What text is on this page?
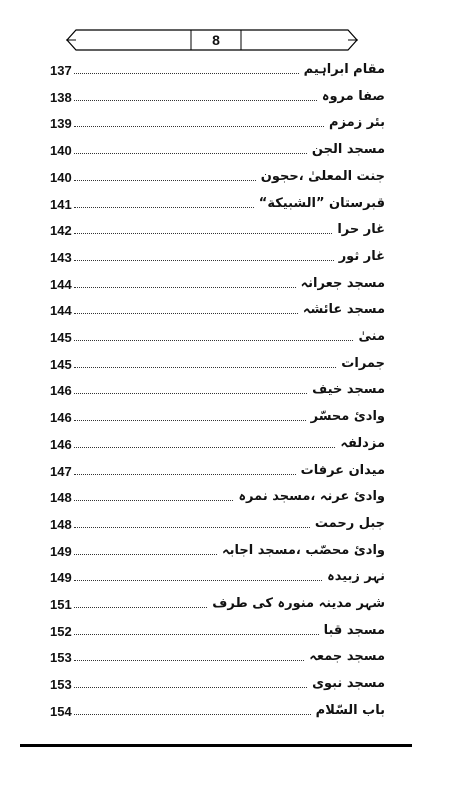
8
137	مقام ابراہیم
138	صفا مروہ
139	بئر زمزم
140	مسجد الجن
140	جنت المعلیٰ ،حجون
141	قبرستان ”الشبیکة“
142	غار حرا
143	غار ثور
144	مسجد جعرانہ
144	مسجد عائشہ
145	منیٰ
145	جمرات
146	مسجد خیف
146	وادیٔ محسّر
146	مزدلفہ
147	میدان عرفات
148	وادیٔ عرنہ ،مسجد نمرہ
148	جبل رحمت
149	وادیٔ محصّب ،مسجد اجابہ
149	نہر زبیدہ
151	شہر مدینہ منورہ کی طرف
152	مسجد قبا
153	مسجد جمعہ
153	مسجد نبوی
154	باب السّلام
